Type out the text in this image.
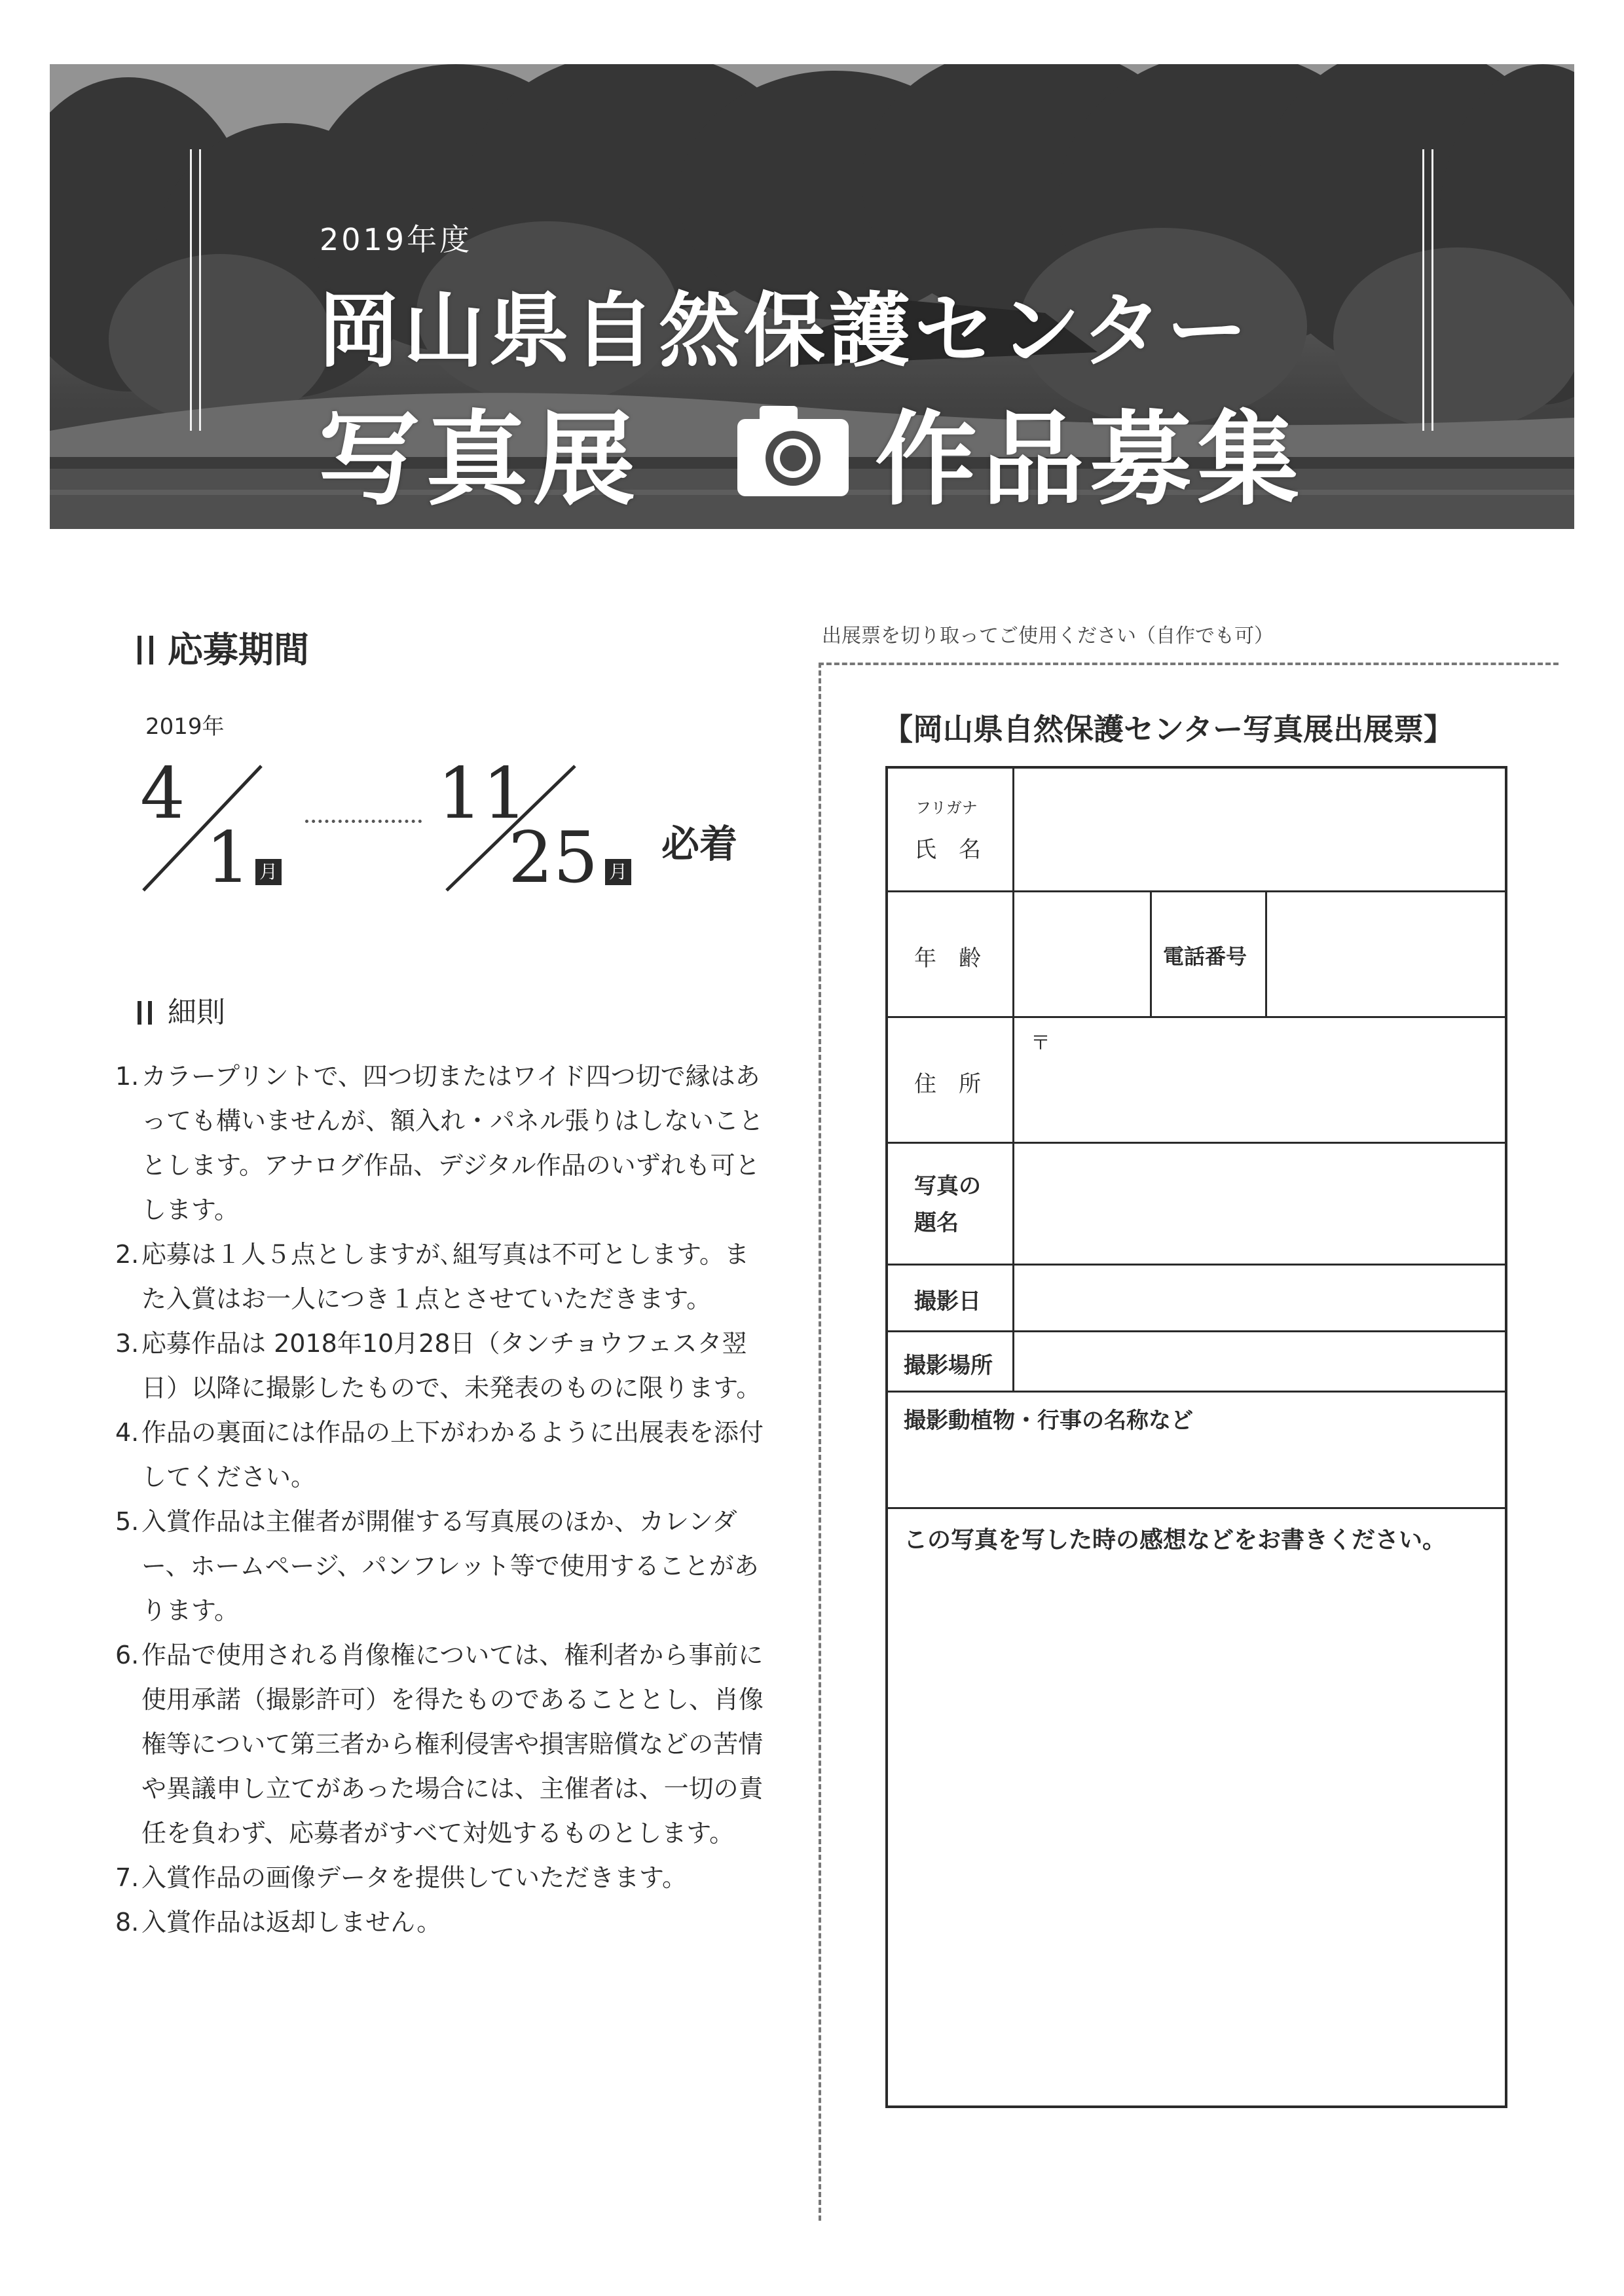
2019年度
岡山県自然保護センター
写真展 作品募集
応募期間
2019年
4
1 月
11
25 月
必着
細則
1. カラープリントで、四つ切またはワイド四つ切で縁はあっても構いませんが、額入れ・パネル張りはしないこととします。アナログ作品、デジタル作品のいずれも可とします。
2. 応募は１人５点としますが､組写真は不可とします。また入賞はお一人につき１点とさせていただきます。
3. 応募作品は 2018年10月28日（タンチョウフェスタ翌日）以降に撮影したもので、未発表のものに限ります。
4. 作品の裏面には作品の上下がわかるように出展表を添付してください。
5. 入賞作品は主催者が開催する写真展のほか、カレンダー、ホームページ、パンフレット等で使用することがあります。
6. 作品で使用される肖像権については、権利者から事前に使用承諾（撮影許可）を得たものであることとし、肖像権等について第三者から権利侵害や損害賠償などの苦情や異議申し立てがあった場合には、主催者は、一切の責任を負わず、応募者がすべて対処するものとします。
7. 入賞作品の画像データを提供していただきます。
8. 入賞作品は返却しません。
出展票を切り取ってご使用ください（自作でも可）
【岡山県自然保護センター写真展出展票】
フリガナ
氏　名
年　齢	電話番号
住　所
〒
写真の
題名
撮影日
撮影場所
撮影動植物・行事の名称など
この写真を写した時の感想などをお書きください。
